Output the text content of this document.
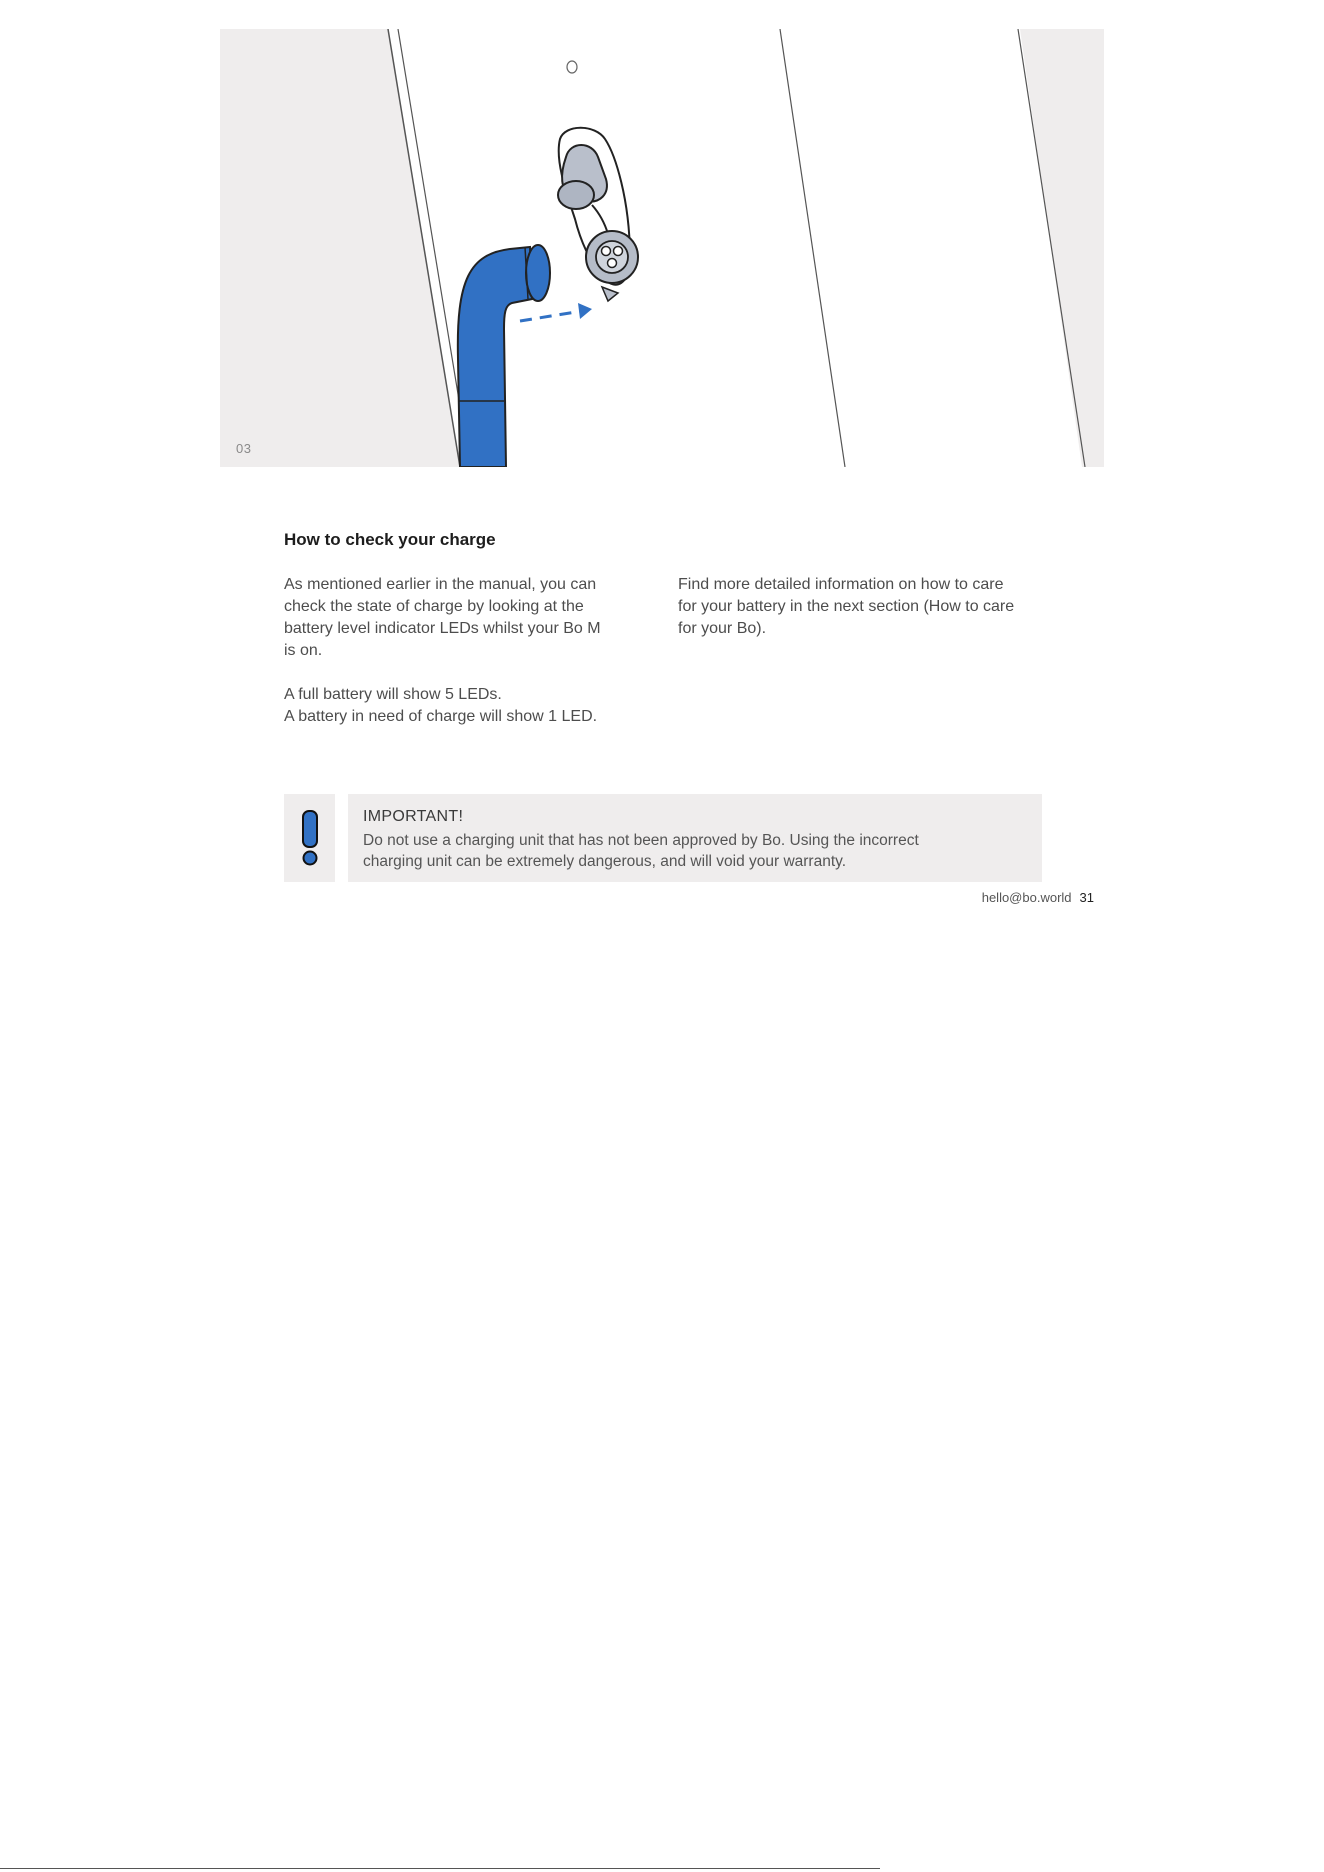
03
How to check your charge

As mentioned earlier in the manual, you can
check the state of charge by looking at the
battery level indicator LEDs whilst your Bo M
is on.

A full battery will show 5 LEDs.
A battery in need of charge will show 1 LED.

Find more detailed information on how to care
for your battery in the next section (How to care
for your Bo).

IMPORTANT!
Do not use a charging unit that has not been approved by Bo. Using the incorrect
charging unit can be extremely dangerous, and will void your warranty.
hello@bo.world 31
